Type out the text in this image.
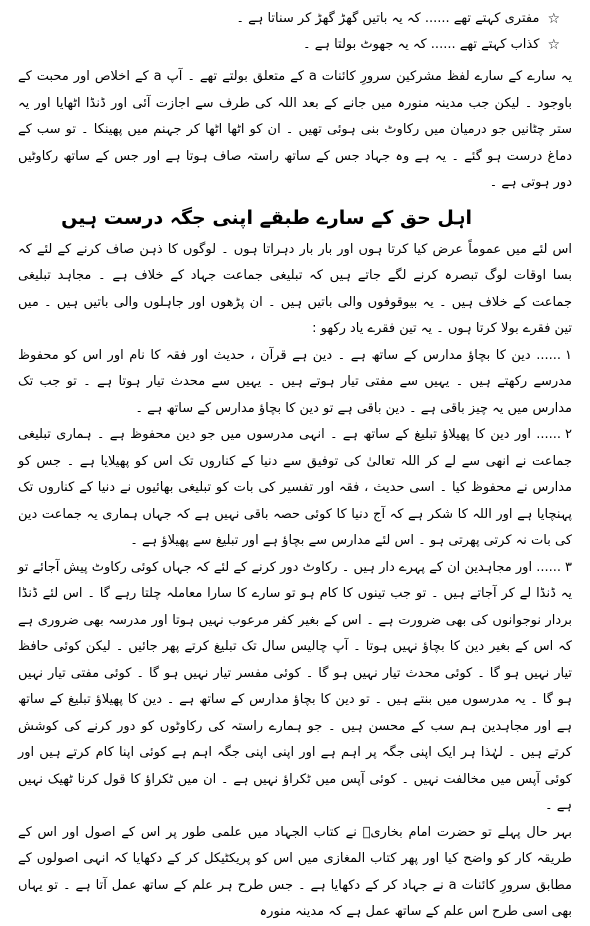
☆
مفتری کہتے تھے ...... کہ یہ باتیں گھڑ گھڑ کر سناتا ہے ۔
☆
کذاب کہتے تھے ...... کہ یہ جھوٹ بولتا ہے ۔

یہ سارے کے سارے لفظ مشرکین سرورِ کائنات a کے متعلق بولتے تھے ۔ آپ a کے اخلاص اور محبت کے باوجود ۔ لیکن جب مدینہ منورہ میں جانے کے بعد اللہ کی طرف سے اجازت آئی اور ڈنڈا اٹھایا اور یہ ستر چٹانیں جو درمیان میں رکاوٹ بنی ہوئی تھیں ۔ ان کو اٹھا اٹھا کر جہنم میں پھینکا ۔ تو سب کے دماغ درست ہو گئے ۔ یہ ہے وہ جہاد جس کے ساتھ راستہ صاف ہوتا ہے اور جس کے ساتھ رکاوٹیں دور ہوتی ہے ۔

اہل حق کے سارے طبقے اپنی جگہ درست ہیں

اس لئے میں عموماً عرض کیا کرتا ہوں اور بار بار دہراتا ہوں ۔ لوگوں کا ذہن صاف کرنے کے لئے کہ بسا اوقات لوگ تبصرہ کرنے لگے جاتے ہیں کہ تبلیغی جماعت جہاد کے خلاف ہے ۔ مجاہد تبلیغی جماعت کے خلاف ہیں ۔ یہ بیوقوفوں والی باتیں ہیں ۔ ان پڑھوں اور جاہلوں والی باتیں ہیں ۔ میں تین فقرے بولا کرتا ہوں ۔ یہ تین فقرے یاد رکھو :

۱...... دین کا بچاؤ مدارس کے ساتھ ہے ۔ دین ہے قرآن ، حدیث اور فقہ کا نام اور اس کو محفوظ مدرسے رکھتے ہیں ۔ یہیں سے مفتی تیار ہوتے ہیں ۔ یہیں سے محدث تیار ہوتا ہے ۔ تو جب تک مدارس میں یہ چیز باقی ہے ۔ دین باقی ہے تو دین کا بچاؤ مدارس کے ساتھ ہے ۔

۲...... اور دین کا پھیلاؤ تبلیغ کے ساتھ ہے ۔ انہی مدرسوں میں جو دین محفوظ ہے ۔ ہماری تبلیغی جماعت نے انھی سے لے کر اللہ تعالیٰ کی توفیق سے دنیا کے کناروں تک اس کو پھیلایا ہے ۔ جس کو مدارس نے محفوظ کیا ۔ اسی حدیث ، فقہ اور تفسیر کی بات کو تبلیغی بھائیوں نے دنیا کے کناروں تک پہنچایا ہے اور اللہ کا شکر ہے کہ آج دنیا کا کوئی حصہ باقی نہیں ہے کہ جہاں ہماری یہ جماعت دین کی بات نہ کرتی پھرتی ہو ۔ اس لئے مدارس سے بچاؤ ہے اور تبلیغ سے پھیلاؤ ہے ۔

۳...... اور مجاہدین ان کے پہرے دار ہیں ۔ رکاوٹ دور کرنے کے لئے کہ جہاں کوئی رکاوٹ پیش آجائے تو یہ ڈنڈا لے کر آجاتے ہیں ۔ تو جب تینوں کا کام ہو تو سارے کا سارا معاملہ چلتا رہے گا ۔ اس لئے ڈنڈا بردار نوجوانوں کی بھی ضرورت ہے ۔ اس کے بغیر کفر مرعوب نہیں ہوتا اور مدرسہ بھی ضروری ہے کہ اس کے بغیر دین کا بچاؤ نہیں ہوتا ۔ آپ چالیس سال تک تبلیغ کرتے پھر جائیں ۔ لیکن کوئی حافظ تیار نہیں ہو گا ۔ کوئی محدث تیار نہیں ہو گا ۔ کوئی مفسر تیار نہیں ہو گا ۔ کوئی مفتی تیار نہیں ہو گا ۔ یہ مدرسوں میں بنتے ہیں ۔ تو دین کا بچاؤ مدارس کے ساتھ ہے ۔ دین کا پھیلاؤ تبلیغ کے ساتھ ہے اور مجاہدین ہم سب کے محسن ہیں ۔ جو ہمارے راستہ کی رکاوٹوں کو دور کرنے کی کوشش کرتے ہیں ۔ لہٰذا ہر ایک اپنی جگہ پر اہم ہے اور اپنی اپنی جگہ اہم ہے کوئی اپنا کام کرتے ہیں اور کوئی آپس میں مخالفت نہیں ۔ کوئی آپس میں ٹکراؤ نہیں ہے ۔ ان میں ٹکراؤ کا قول کرنا ٹھیک نہیں ہے ۔

بہر حال پہلے تو حضرت امام بخاریؒ نے کتاب الجہاد میں علمی طور پر اس کے اصول اور اس کے طریقہ کار کو واضح کیا اور پھر کتاب المغازی میں اس کو پریکٹیکل کر کے دکھایا کہ انہی اصولوں کے مطابق سرورِ کائنات a نے جہاد کر کے دکھایا ہے ۔ جس طرح ہر علم کے ساتھ عمل آتا ہے ۔ تو یہاں بھی اسی طرح اس علم کے ساتھ عمل ہے کہ مدینہ منورہ
